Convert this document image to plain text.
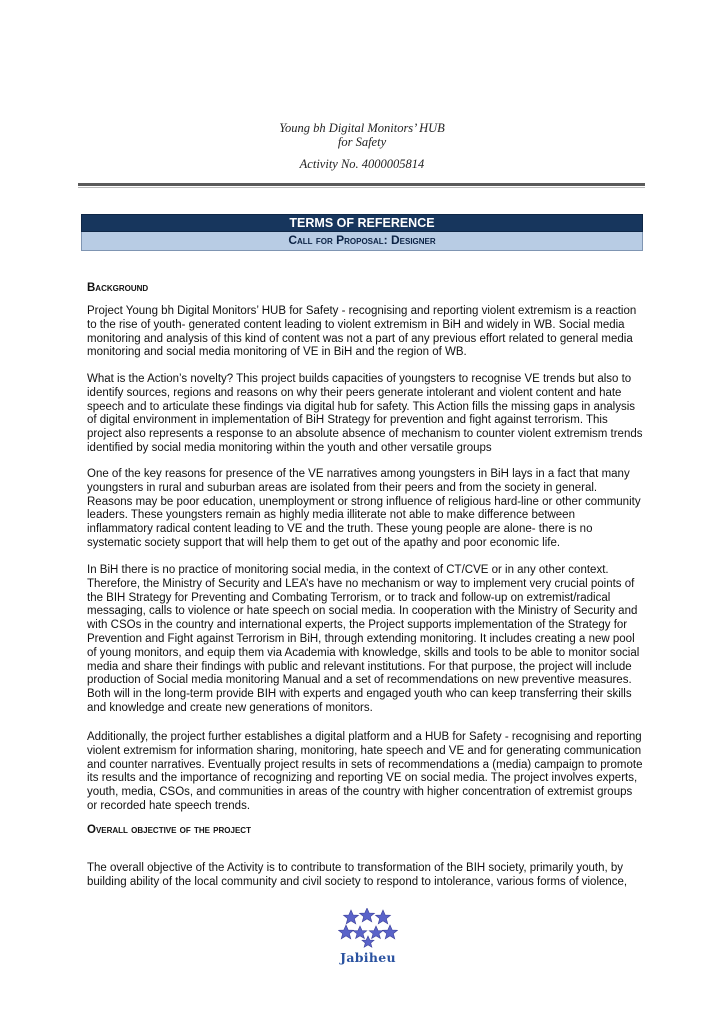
Young bh Digital Monitors’ HUB
for Safety
Activity No. 4000005814
TERMS OF REFERENCE
Call for Proposal: Designer
Background

Project Young bh Digital Monitors’ HUB for Safety - recognising and reporting violent extremism is a reaction to the rise of youth- generated content leading to violent extremism in BiH and widely in WB. Social media monitoring and analysis of this kind of content was not a part of any previous effort related to general media monitoring and social media monitoring of VE in BiH and the region of WB.

What is the Action’s novelty? This project builds capacities of youngsters to recognise VE trends but also to identify sources, regions and reasons on why their peers generate intolerant and violent content and hate speech and to articulate these findings via digital hub for safety. This Action fills the missing gaps in analysis of digital environment in implementation of BiH Strategy for prevention and fight against terrorism. This project also represents a response to an absolute absence of mechanism to counter violent extremism trends identified by social media monitoring within the youth and other versatile groups

One of the key reasons for presence of the VE narratives among youngsters in BiH lays in a fact that many youngsters in rural and suburban areas are isolated from their peers and from the society in general. Reasons may be poor education, unemployment or strong influence of religious hard-line or other community leaders. These youngsters remain as highly media illiterate not able to make difference between inflammatory radical content leading to VE and the truth. These young people are alone- there is no systematic society support that will help them to get out of the apathy and poor economic life.

In BiH there is no practice of monitoring social media, in the context of CT/CVE or in any other context. Therefore, the Ministry of Security and LEA’s have no mechanism or way to implement very crucial points of the BIH Strategy for Preventing and Combating Terrorism, or to track and follow-up on extremist/radical messaging, calls to violence or hate speech on social media. In cooperation with the Ministry of Security and with CSOs in the country and international experts, the Project supports implementation of the Strategy for Prevention and Fight against Terrorism in BiH, through extending monitoring. It includes creating a new pool of young monitors, and equip them via Academia with knowledge, skills and tools to be able to monitor social media and share their findings with public and relevant institutions. For that purpose, the project will include production of Social media monitoring Manual and a set of recommendations on new preventive measures. Both will in the long-term provide BIH with experts and engaged youth who can keep transferring their skills and knowledge and create new generations of monitors.

Additionally, the project further establishes a digital platform and a HUB for Safety - recognising and reporting violent extremism for information sharing, monitoring, hate speech and VE and for generating communication and counter narratives. Eventually project results in sets of recommendations a (media) campaign to promote its results and the importance of recognizing and reporting VE on social media. The project involves experts, youth, media, CSOs, and communities in areas of the country with higher concentration of extremist groups or recorded hate speech trends.

Overall objective of the project

The overall objective of the Activity is to contribute to transformation of the BIH society, primarily youth, by building ability of the local community and civil society to respond to intolerance, various forms of violence,

Jabiheu
